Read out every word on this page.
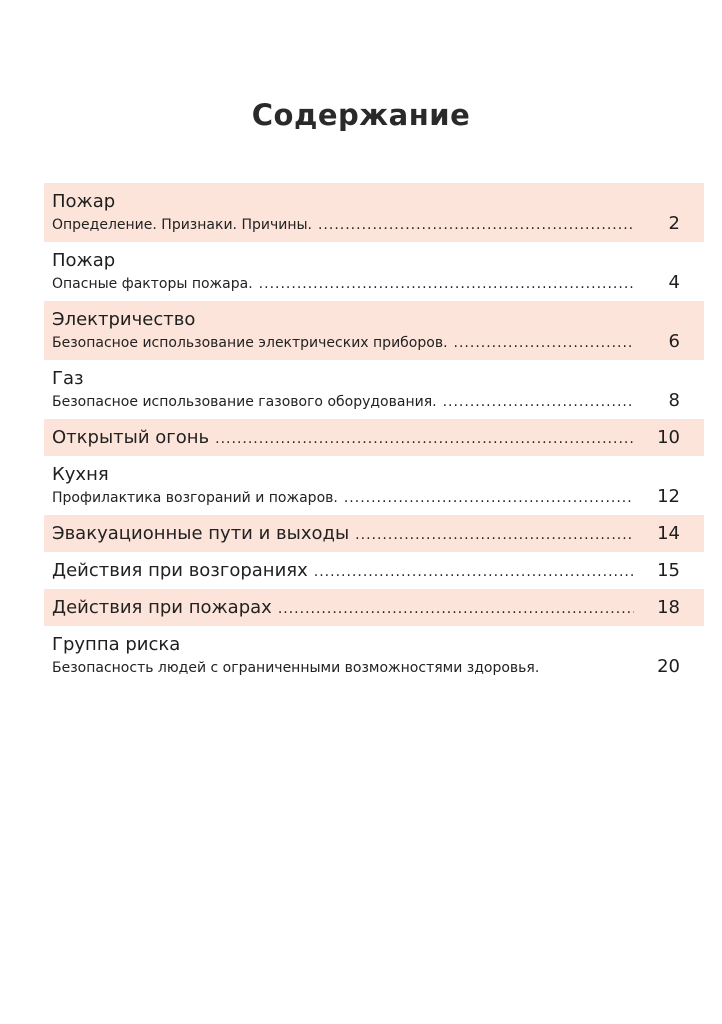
Содержание
Пожар
Определение. Признаки. Причины. .....	2
Пожар
Опасные факторы пожара. .....	4
Электричество
Безопасное использование электрических приборов. .....	6
Газ
Безопасное использование газового оборудования. .....	8
Открытый огонь .....	10
Кухня
Профилактика возгораний и пожаров. .....	12
Эвакуационные пути и выходы .....	14
Действия при возгораниях .....	15
Действия при пожарах .....	18
Группа риска
Безопасность людей с ограниченными возможностями здоровья.	20
